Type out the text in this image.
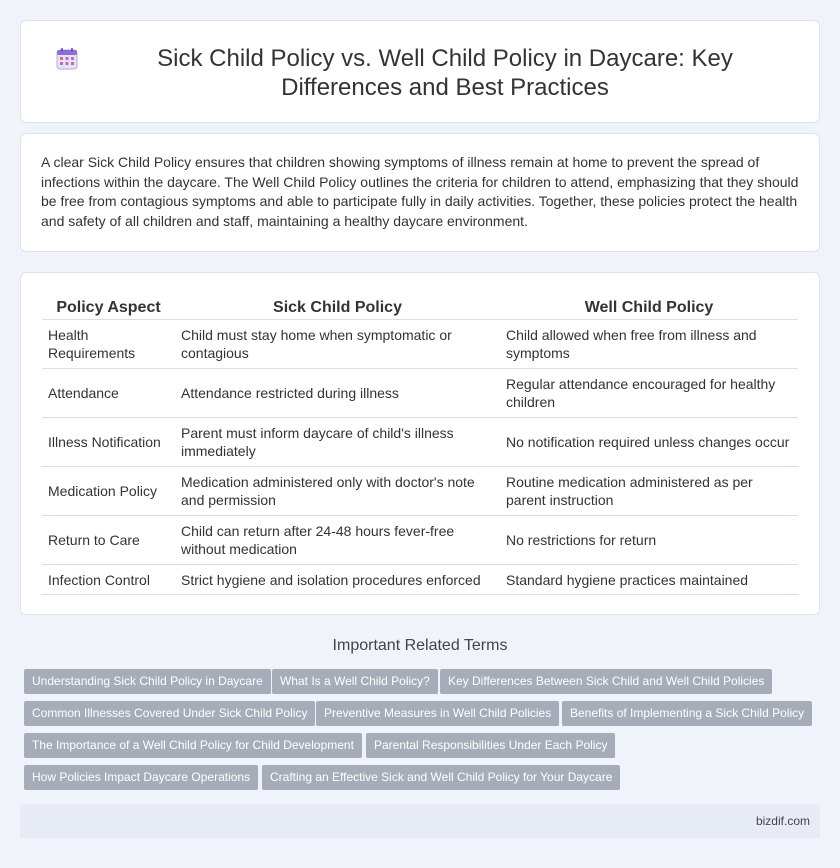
Sick Child Policy vs. Well Child Policy in Daycare: Key Differences and Best Practices

A clear Sick Child Policy ensures that children showing symptoms of illness remain at home to prevent the spread of infections within the daycare. The Well Child Policy outlines the criteria for children to attend, emphasizing that they should be free from contagious symptoms and able to participate fully in daily activities. Together, these policies protect the health and safety of all children and staff, maintaining a healthy daycare environment.

Policy Aspect	Sick Child Policy	Well Child Policy
Health Requirements	Child must stay home when symptomatic or contagious	Child allowed when free from illness and symptoms
Attendance	Attendance restricted during illness	Regular attendance encouraged for healthy children
Illness Notification	Parent must inform daycare of child's illness immediately	No notification required unless changes occur
Medication Policy	Medication administered only with doctor's note and permission	Routine medication administered as per parent instruction
Return to Care	Child can return after 24-48 hours fever-free without medication	No restrictions for return
Infection Control	Strict hygiene and isolation procedures enforced	Standard hygiene practices maintained
Important Related Terms
Understanding Sick Child Policy in Daycare	What Is a Well Child Policy?	Key Differences Between Sick Child and Well Child Policies
Common Illnesses Covered Under Sick Child Policy	Preventive Measures in Well Child Policies	Benefits of Implementing a Sick Child Policy
The Importance of a Well Child Policy for Child Development	Parental Responsibilities Under Each Policy
How Policies Impact Daycare Operations	Crafting an Effective Sick and Well Child Policy for Your Daycare
bizdif.com
